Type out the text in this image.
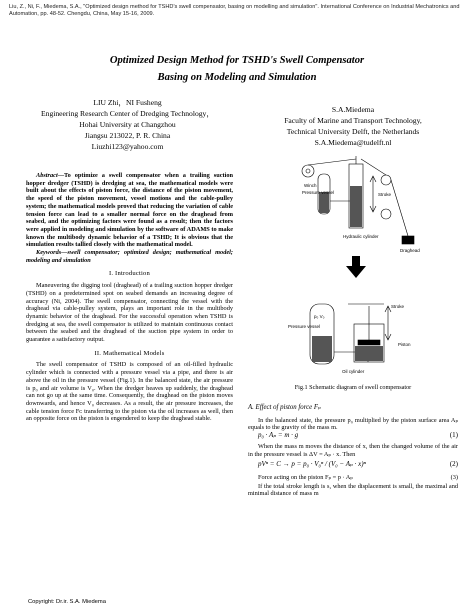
Liu, Z., Ni, F., Miedema, S.A., "Optimized design method for TSHD's swell compensator, basing on modelling and simulation". International Conference on Industrial Mechatronics and Automation, pp. 48-52. Chengdu, China, May 15-16, 2009.
Optimized Design Method for TSHD's Swell Compensator
Basing on Modeling and Simulation
LIU Zhi，NI Fusheng
Engineering Research Center of Dredging Technology，
Hohai University at Changzhou
Jiangsu 213022, P. R. China
Liuzhi123@yahoo.com
S.A.Miedema
Faculty of Marine and Transport Technology,
Technical University Delft, the Netherlands
S.A.Miedema@tudelft.nl

Abstract—To optimize a swell compensator when a trailing suction hopper dredger (TSHD) is dredging at sea, the mathematical models were built about the effects of piston force, the distance of the piston movement, the speed of the piston movement, vessel motions and the cable-pulley system; the mathematical models proved that reducing the variation of cable tension force can lead to a smaller normal force on the draghead from seabed, and the optimizing factors were found as a result; then the factors were applied in modeling and simulation by the software of ADAMS to make known the multibody dynamic behavior of a TSHD; It is obvious that the simulation results tallied closely with the mathematical model.

Keywords—swell compensator; optimized design; mathematical model; modeling and simulation

I. Introduction

Maneuvering the digging tool (draghead) of a trailing suction hopper dredger (TSHD) on a predetermined spot on seabed demands an increasing degree of accuracy (Ni, 2004). The swell compensator, connecting the vessel with the draghead via cable-pulley system, plays an important role in the multibody dynamic behavior of the draghead. For the successful operation when TSHD is dredging at sea, the swell compensator is utilized to maintain continuous contact between the seabed and the draghead of the suction pipe system in order to guarantee a satisfactory output.

II. Mathematical Models

The swell compensator of TSHD is composed of an oil-filled hydraulic cylinder which is connected with a pressure vessel via a pipe, and there is air above the oil in the pressure vessel (Fig.1). In the balanced state, the air pressure is p₀ and air volume is V₀. When the dredger heaves up suddenly, the draghead can not go up at the same time. Consequently, the draghead on the piston moves downwards, and hence V₀ decreases. As a result, the air pressure increases, the cable tension force Fᴄ transferring to the piston via the oil increases as well, then an opposite force on the piston is engendered to keep the draghead stable.

Winch
Pressure vessel	Stroke
Draghead
Hydraulic cylinder
Stroke
Pressure vessel
p₀ V₀
Piston
Oil cylinder
Fig.1 Schematic diagram of swell compensator
A. Effect of piston force Fₚ

In the balanced state, the pressure p₀ multiplied by the piston surface area Aₚ equals to the gravity of the mass m.

p₀ · Aₚ = m · g	(1)

When the mass m moves the distance of x, then the changed volume of the air in the pressure vessel is ΔV = Aₚ · x. Then

pVⁿ = C → p = p₀ · V₀ⁿ / (V₀ − Aₚ · x)ⁿ	(2)
Force acting on the piston Fₚ = p · Aₚ	(3)

If the total stroke length is s, when the displacement is small, the maximal and minimal distance of mass m

Copyright: Dr.ir. S.A. Miedema
